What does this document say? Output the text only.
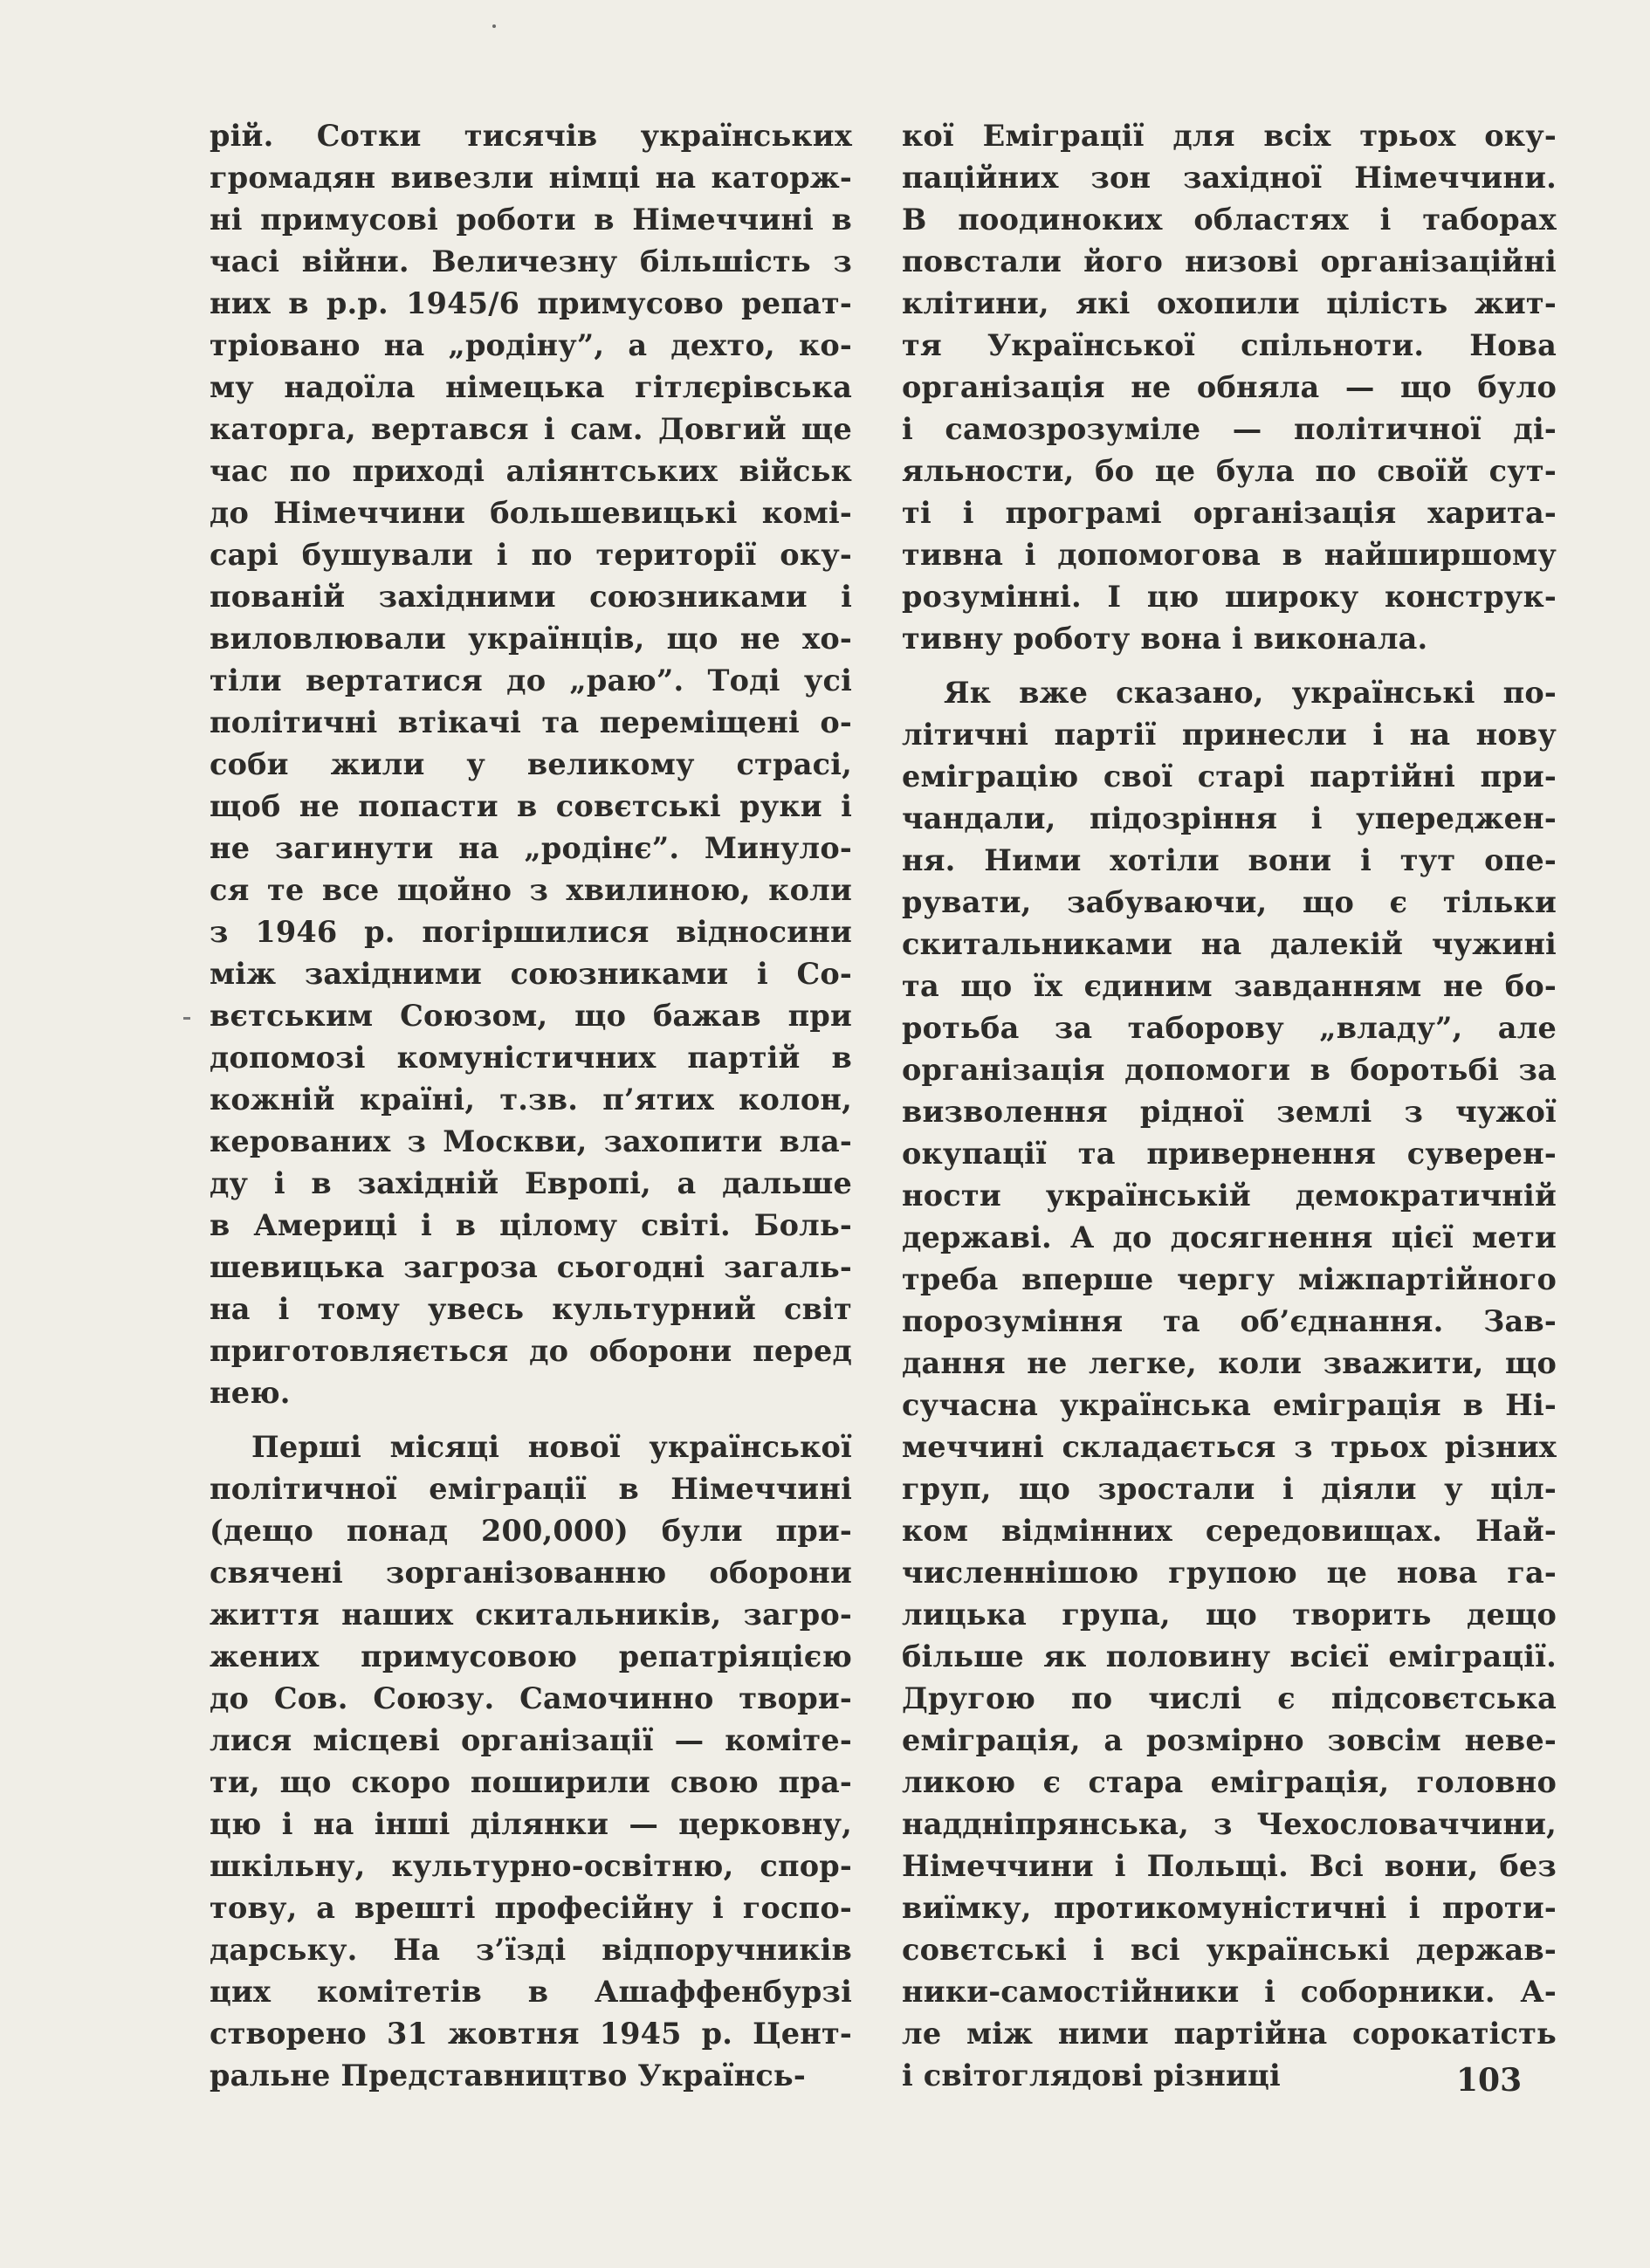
рій. Сотки тисячів українських
громадян вивезли німці на каторж-
ні примусові роботи в Німеччині в
часі війни. Величезну більшість з
них в р.р. 1945/6 примусово репат-
тріовано на „родіну”, а дехто, ко-
му надоїла німецька гітлєрівська
каторга, вертався і сам. Довгий ще
час по приході аліянтських військ
до Німеччини большевицькі комі-
сарі бушували і по території оку-
пованій західними союзниками і
виловлювали українців, що не хо-
тіли вертатися до „раю”. Тоді усі
політичні втікачі та переміщені о-
соби жили у великому страсі,
щоб не попасти в совєтські руки і
не загинути на „родінє”. Минуло-
ся те все щойно з хвилиною, коли
з 1946 р. погіршилися відносини
між західними союзниками і Со-
вєтським Союзом, що бажав при
допомозі комуністичних партій в
кожній країні, т.зв. п’ятих колон,
керованих з Москви, захопити вла-
ду і в західній Европі, а дальше
в Америці і в цілому світі. Боль-
шевицька загроза сьогодні загаль-
на і тому увесь культурний світ
приготовляється до оборони перед
нею.
Перші місяці нової української
політичної еміграції в Німеччині
(дещо понад 200,000) були при-
свячені зорганізованню оборони
життя наших скитальників, загро-
жених примусовою репатріяцією
до Сов. Союзу. Самочинно твори-
лися місцеві організації — коміте-
ти, що скоро поширили свою пра-
цю і на інші ділянки — церковну,
шкільну, культурно-освітню, спор-
тову, а врешті професійну і госпо-
дарську. На з’їзді відпоручників
цих комітетів в Ашаффенбурзі
створено 31 жовтня 1945 р. Цент-
ральне Представництво Українсь-
кої Еміграції для всіх трьох оку-
паційних зон західної Німеччини.
В поодиноких областях і таборах
повстали його низові організаційні
клітини, які охопили цілість жит-
тя Української спільноти. Нова
організація не обняла — що було
і самозрозуміле — політичної ді-
яльности, бо це була по своїй сут-
ті і програмі організація харита-
тивна і допомогова в найширшому
розумінні. І цю широку конструк-
тивну роботу вона і виконала.
Як вже сказано, українські по-
літичні партії принесли і на нову
еміграцію свої старі партійні при-
чандали, підозріння і упереджен-
ня. Ними хотіли вони і тут опе-
рувати, забуваючи, що є тільки
скитальниками на далекій чужині
та що їх єдиним завданням не бо-
ротьба за таборову „владу”, але
організація допомоги в боротьбі за
визволення рідної землі з чужої
окупації та привернення суверен-
ности українській демократичній
державі. А до досягнення цієї мети
треба вперше чергу міжпартійного
порозуміння та об’єднання. Зав-
дання не легке, коли зважити, що
сучасна українська еміграція в Ні-
меччині складається з трьох різних
груп, що зростали і діяли у ціл-
ком відмінних середовищах. Най-
численнішою групою це нова га-
лицька група, що творить дещо
більше як половину всієї еміграції.
Другою по числі є підсовєтська
еміграція, а розмірно зовсім неве-
ликою є стара еміграція, головно
наддніпрянська, з Чехословаччини,
Німеччини і Польщі. Всі вони, без
виїмку, протикомуністичні і проти-
совєтські і всі українські держав-
ники-самостійники і соборники. А-
ле між ними партійна сорокатість
і світоглядові різниці	103
